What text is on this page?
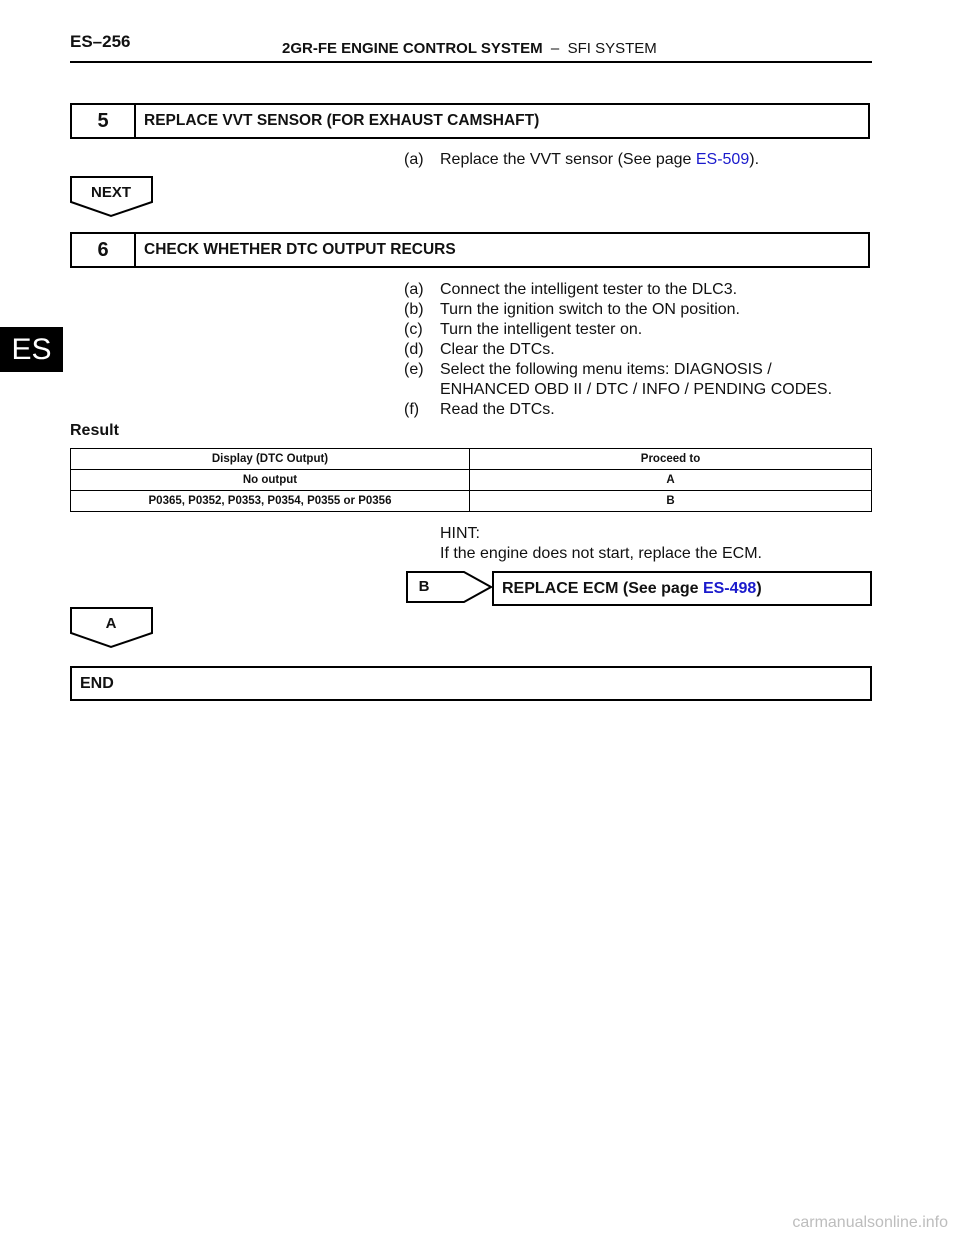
ES–256	2GR-FE ENGINE CONTROL SYSTEM  –  SFI SYSTEM
ES
5	REPLACE VVT SENSOR (FOR EXHAUST CAMSHAFT)
(a)	Replace the VVT sensor (See page ES-509).
NEXT
6	CHECK WHETHER DTC OUTPUT RECURS
(a)	Connect the intelligent tester to the DLC3.
(b)	Turn the ignition switch to the ON position.
(c)	Turn the intelligent tester on.
(d)	Clear the DTCs.
(e)	Select the following menu items: DIAGNOSIS /
ENHANCED OBD II / DTC / INFO / PENDING CODES.
(f)	Read the DTCs.
Result
Display (DTC Output)	Proceed to
No output	A
P0365, P0352, P0353, P0354, P0355 or P0356	B
HINT:
If the engine does not start, replace the ECM.
B	REPLACE ECM (See page ES-498 )
A
END
carmanualsonline.info
